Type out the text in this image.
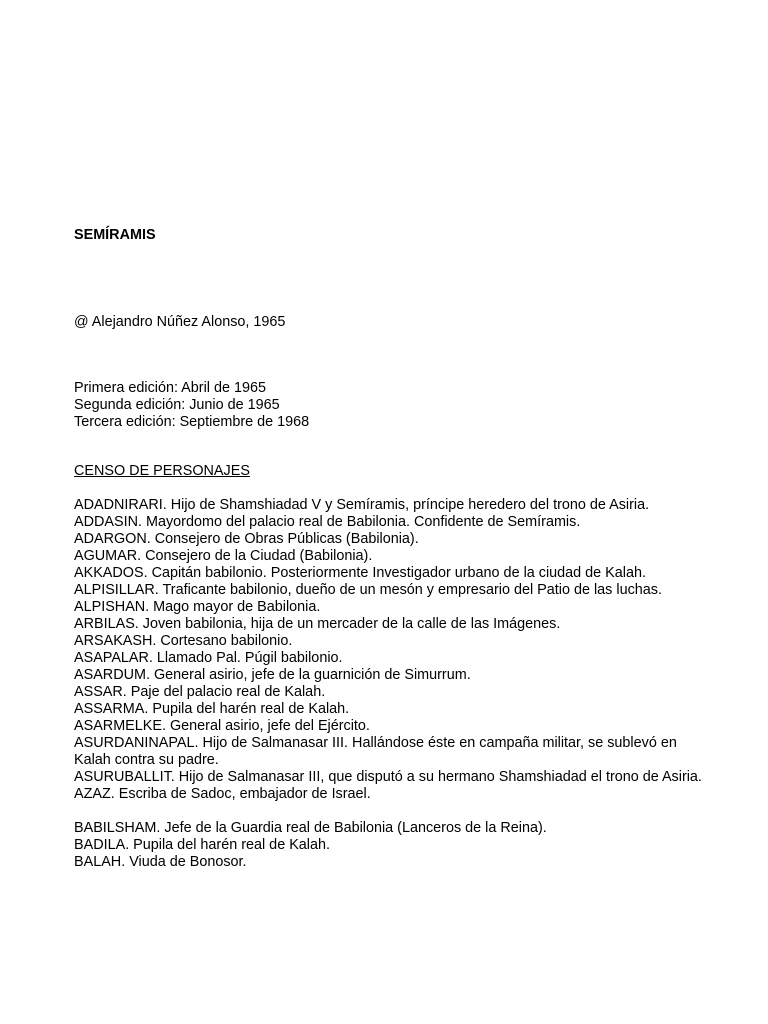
SEMÍRAMIS
@ Alejandro Núñez Alonso, 1965
Primera edición: Abril de 1965
Segunda edición: Junio de 1965
Tercera edición: Septiembre de 1968
CENSO DE PERSONAJES

ADADNIRARI. Hijo de Shamshiadad V y Semíramis, príncipe heredero del trono de Asiria.

ADDASIN. Mayordomo del palacio real de Babilonia. Confidente de Semíramis.

ADARGON. Consejero de Obras Públicas (Babilonia).

AGUMAR. Consejero de la Ciudad (Babilonia).

AKKADOS. Capitán babilonio. Posteriormente Investigador urbano de la ciudad de Kalah.

ALPISILLAR. Traficante babilonio, dueño de un mesón y empresario del Patio de las luchas.

ALPISHAN. Mago mayor de Babilonia.

ARBILAS. Joven babilonia, hija de un mercader de la calle de las Imágenes.

ARSAKASH. Cortesano babilonio.

ASAPALAR. Llamado Pal. Púgil babilonio.

ASARDUM. General asirio, jefe de la guarnición de Simurrum.

ASSAR. Paje del palacio real de Kalah.

ASSARMA. Pupila del harén real de Kalah.

ASARMELKE. General asirio, jefe del Ejército.

ASURDANINAPAL. Hijo de Salmanasar III. Hallándose éste en campaña militar, se sublevó en Kalah contra su padre.

ASURUBALLIT. Hijo de Salmanasar III, que disputó a su hermano Shamshiadad el trono de Asiria.

AZAZ. Escriba de Sadoc, embajador de Israel.

BABILSHAM. Jefe de la Guardia real de Babilonia (Lanceros de la Reina).

BADILA. Pupila del harén real de Kalah.

BALAH. Viuda de Bonosor.
